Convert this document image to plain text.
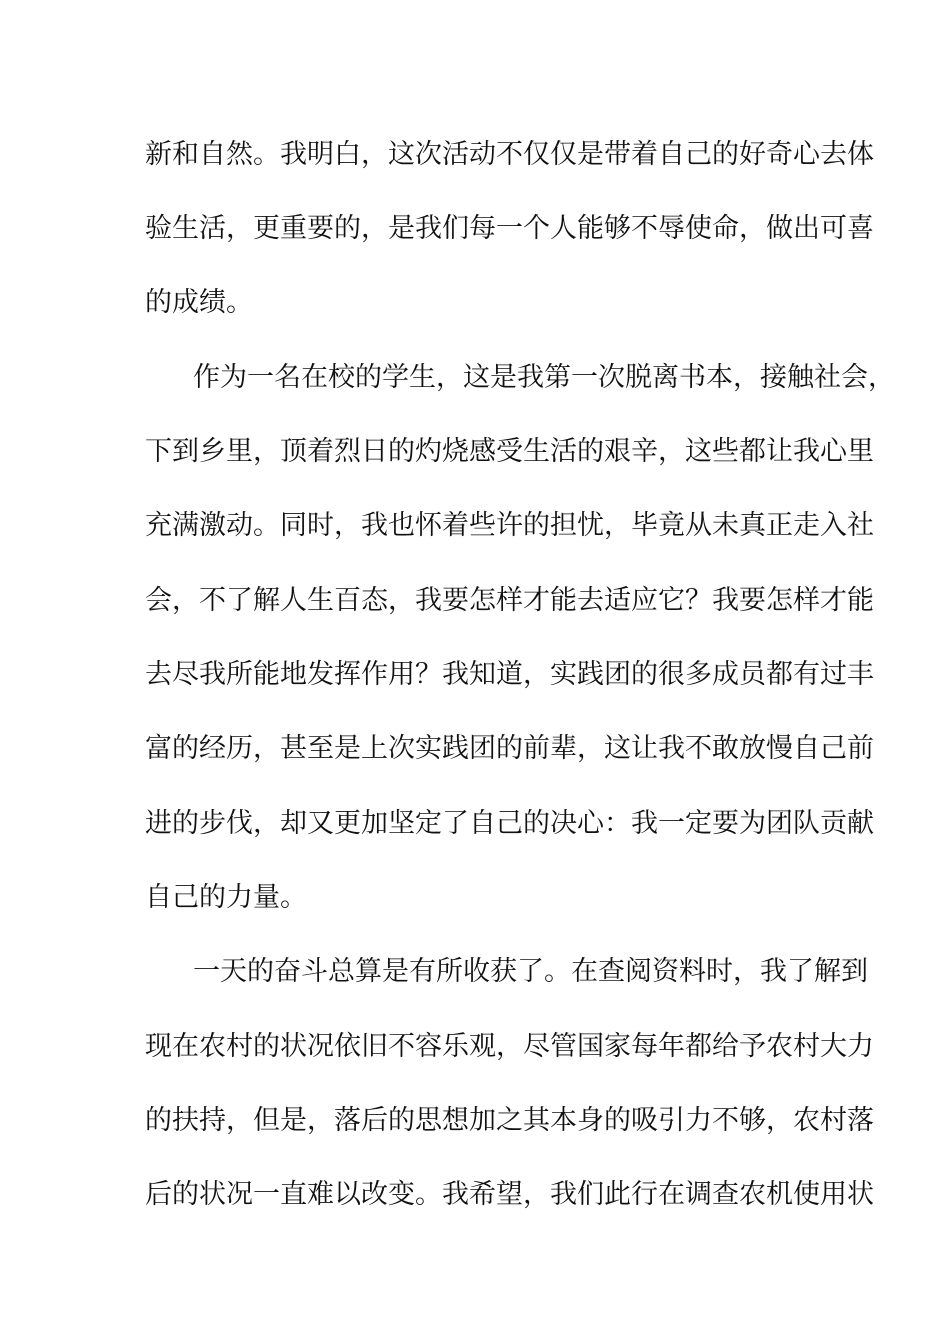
新和自然。我明白，这次活动不仅仅是带着自己的好奇心去体

验生活，更重要的，是我们每一个人能够不辱使命，做出可喜

的成绩。

作为一名在校的学生，这是我第一次脱离书本，接触社会，

下到乡里，顶着烈日的灼烧感受生活的艰辛，这些都让我心里

充满激动。同时，我也怀着些许的担忧，毕竟从未真正走入社

会，不了解人生百态，我要怎样才能去适应它？我要怎样才能

去尽我所能地发挥作用？我知道，实践团的很多成员都有过丰

富的经历，甚至是上次实践团的前辈，这让我不敢放慢自己前

进的步伐，却又更加坚定了自己的决心：我一定要为团队贡献

自己的力量。

一天的奋斗总算是有所收获了。在查阅资料时，我了解到

现在农村的状况依旧不容乐观，尽管国家每年都给予农村大力

的扶持，但是，落后的思想加之其本身的吸引力不够，农村落

后的状况一直难以改变。我希望，我们此行在调查农机使用状
